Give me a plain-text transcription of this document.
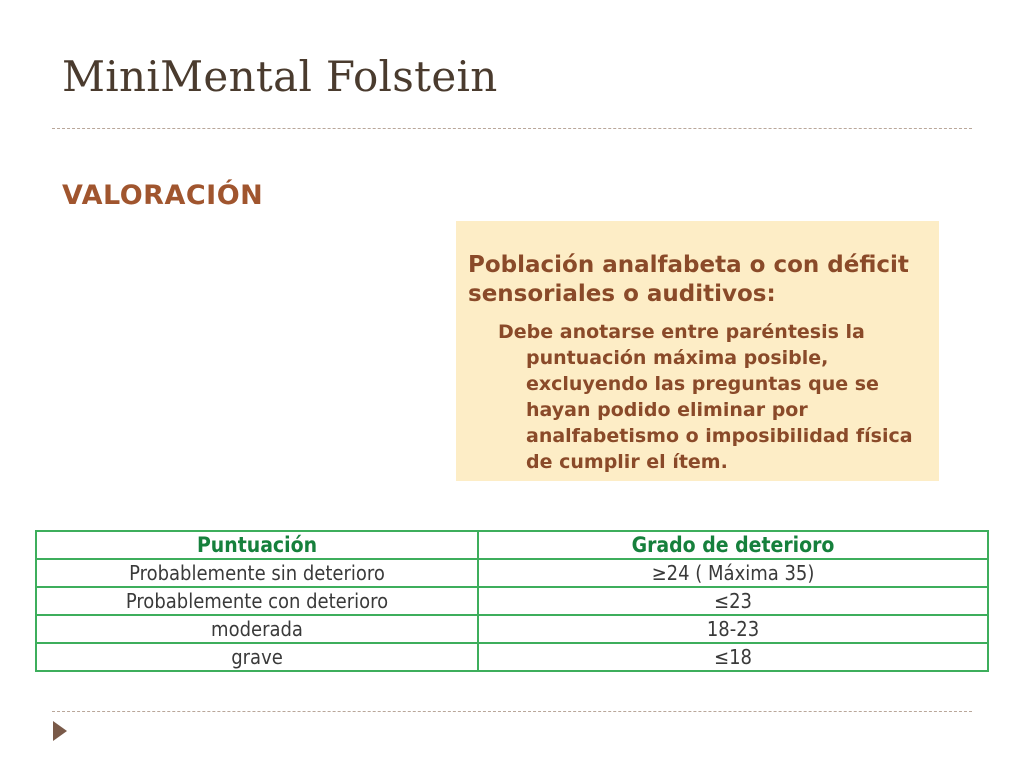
MiniMental Folstein
VALORACIÓN

Población analfabeta o con déficit sensoriales o auditivos:

Debe anotarse entre paréntesis la puntuación máxima posible, excluyendo las preguntas que se hayan podido eliminar por analfabetismo o imposibilidad física de cumplir el ítem.

Puntuación	Grado de deterioro
Probablemente sin deterioro	≥24 ( Máxima 35)
Probablemente con deterioro	≤23
moderada	18-23
grave	≤18
